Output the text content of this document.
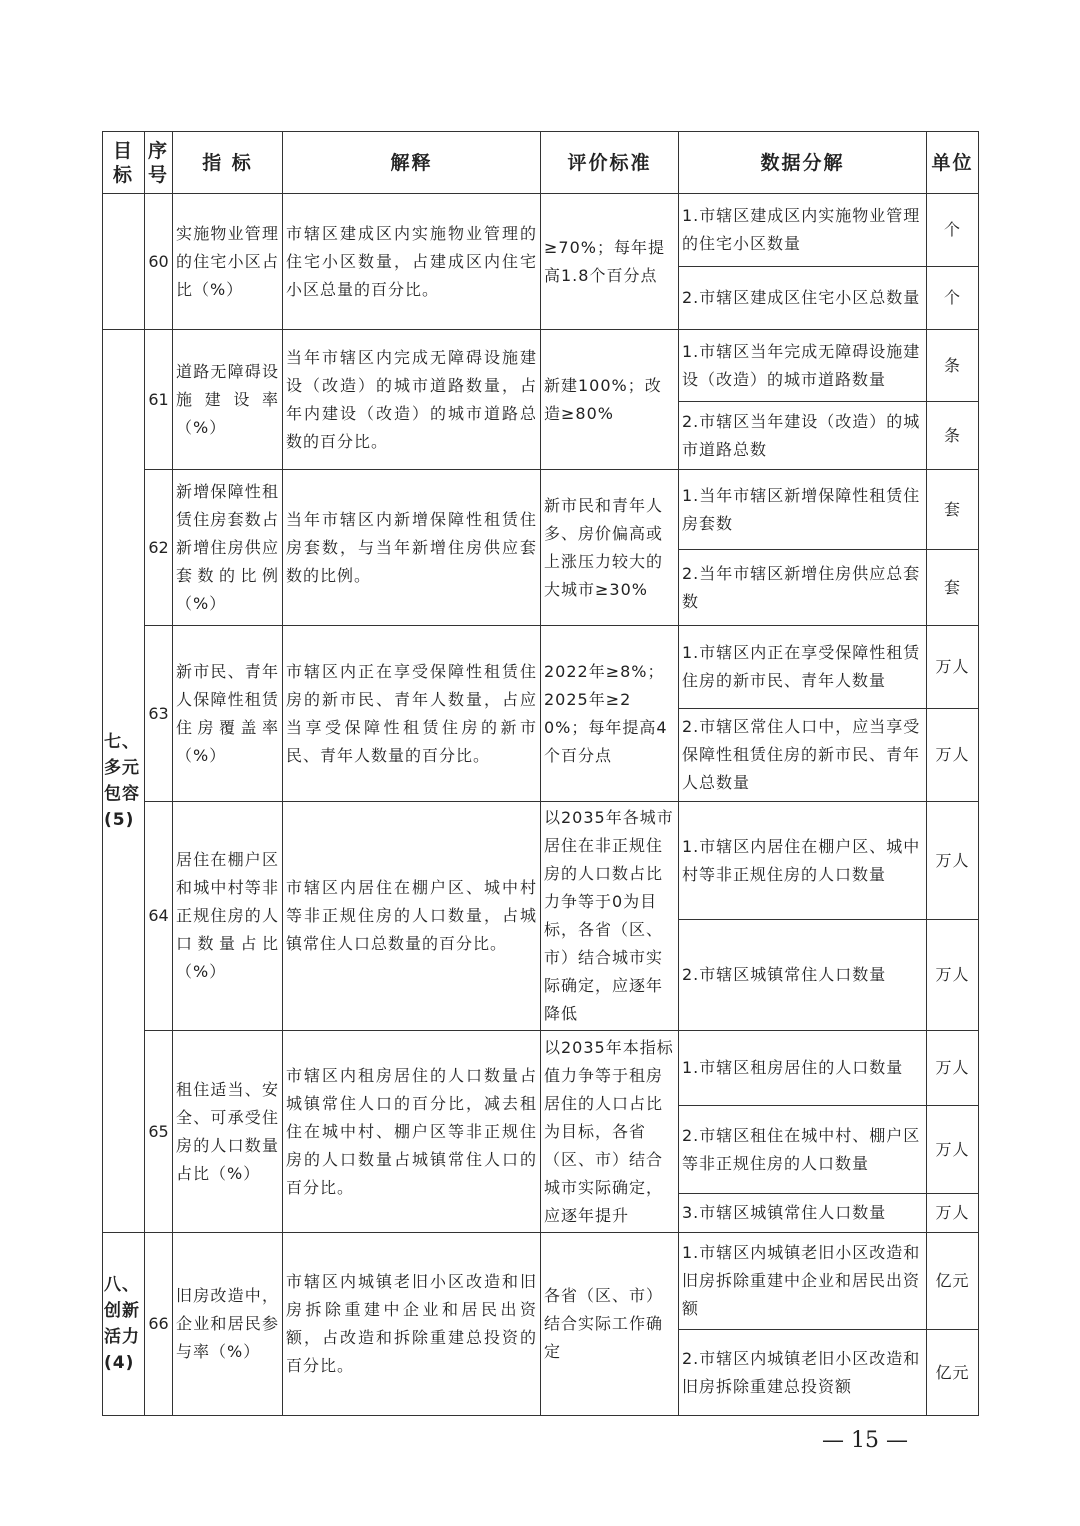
目标	序号	指 标	解释	评价标准	数据分解	单位
	60	实施物业管理的住宅小区占比（%）	市辖区建成区内实施物业管理的住宅小区数量，占建成区内住宅小区总量的百分比。	≥70%；每年提高1.8个百分点	1.市辖区建成区内实施物业管理的住宅小区数量	个
					2.市辖区建成区住宅小区总数量	个
七、多元包容(5)	61	道路无障碍设施建设率（%）	当年市辖区内完成无障碍设施建设（改造）的城市道路数量，占年内建设（改造）的城市道路总数的百分比。	新建100%；改造≥80%	1.市辖区当年完成无障碍设施建设（改造）的城市道路数量	条
					2.市辖区当年建设（改造）的城市道路总数	条
	62	新增保障性租赁住房套数占新增住房供应套数的比例（%）	当年市辖区内新增保障性租赁住房套数，与当年新增住房供应套数的比例。	新市民和青年人多、房价偏高或上涨压力较大的大城市≥30%	1.当年市辖区新增保障性租赁住房套数	套
					2.当年市辖区新增住房供应总套数	套
	63	新市民、青年人保障性租赁住房覆盖率（%）	市辖区内正在享受保障性租赁住房的新市民、青年人数量，占应当享受保障性租赁住房的新市民、青年人数量的百分比。	2022年≥8%；2025年≥20%；每年提高4个百分点	1.市辖区内正在享受保障性租赁住房的新市民、青年人数量	万人
					2.市辖区常住人口中，应当享受保障性租赁住房的新市民、青年人总数量	万人
	64	居住在棚户区和城中村等非正规住房的人口数量占比（%）	市辖区内居住在棚户区、城中村等非正规住房的人口数量，占城镇常住人口总数量的百分比。	以2035年各城市居住在非正规住房的人口数占比力争等于0为目标，各省（区、市）结合城市实际确定，应逐年降低	1.市辖区内居住在棚户区、城中村等非正规住房的人口数量	万人
					2.市辖区城镇常住人口数量	万人
	65	租住适当、安全、可承受住房的人口数量占比（%）	市辖区内租房居住的人口数量占城镇常住人口的百分比，减去租住在城中村、棚户区等非正规住房的人口数量占城镇常住人口的百分比。	以2035年本指标值力争等于租房居住的人口占比为目标，各省（区、市）结合城市实际确定，应逐年提升	1.市辖区租房居住的人口数量	万人
					2.市辖区租住在城中村、棚户区等非正规住房的人口数量	万人
					3.市辖区城镇常住人口数量	万人
八、创新活力(4)	66	旧房改造中，企业和居民参与率（%）	市辖区内城镇老旧小区改造和旧房拆除重建中企业和居民出资额，占改造和拆除重建总投资的百分比。	各省（区、市）结合实际工作确定	1.市辖区内城镇老旧小区改造和旧房拆除重建中企业和居民出资额	亿元
					2.市辖区内城镇老旧小区改造和旧房拆除重建总投资额	亿元
— 15 —
